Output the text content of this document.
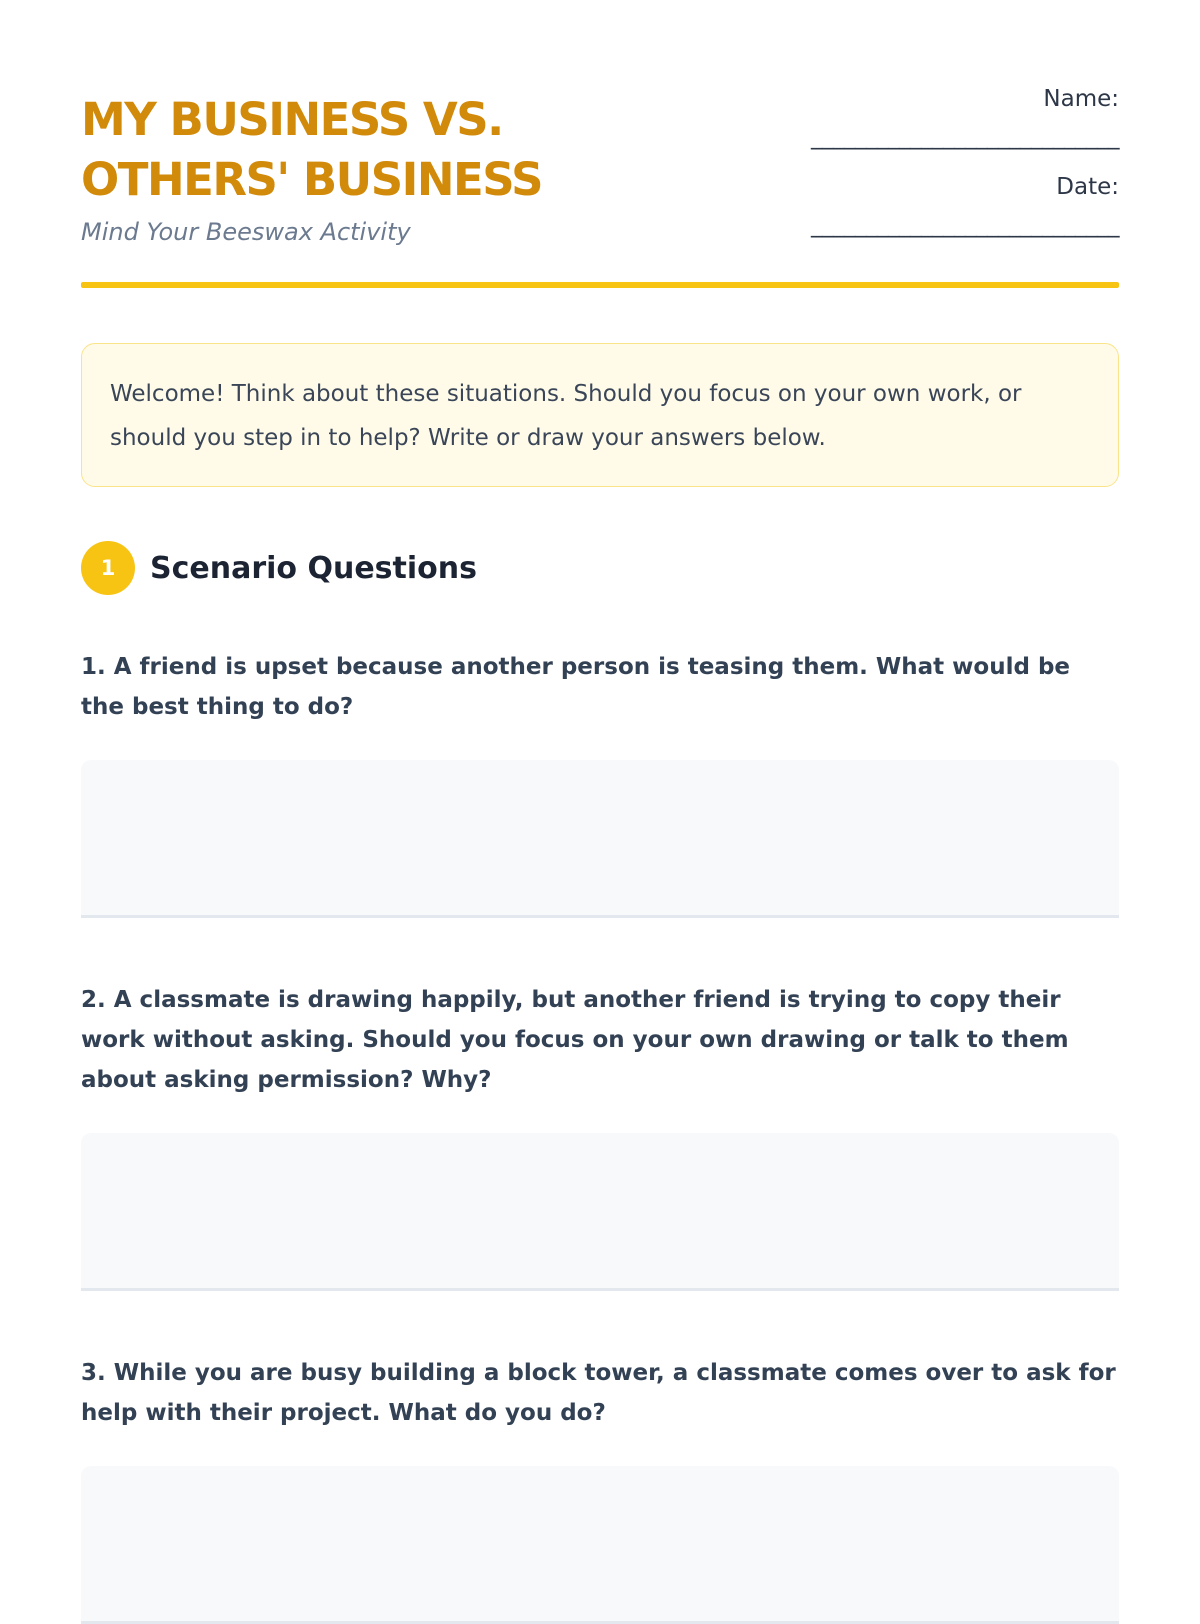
MY BUSINESS VS.
OTHERS' BUSINESS

Mind Your Beeswax Activity

Name:
____________________________
Date:
____________________________
Welcome! Think about these situations. Should you focus on your own work, or should you step in to help? Write or draw your answers below.
1	Scenario Questions

1. A friend is upset because another person is teasing them. What would be the best thing to do?

2. A classmate is drawing happily, but another friend is trying to copy their work without asking. Should you focus on your own drawing or talk to them about asking permission? Why?

3. While you are busy building a block tower, a classmate comes over to ask for help with their project. What do you do?
